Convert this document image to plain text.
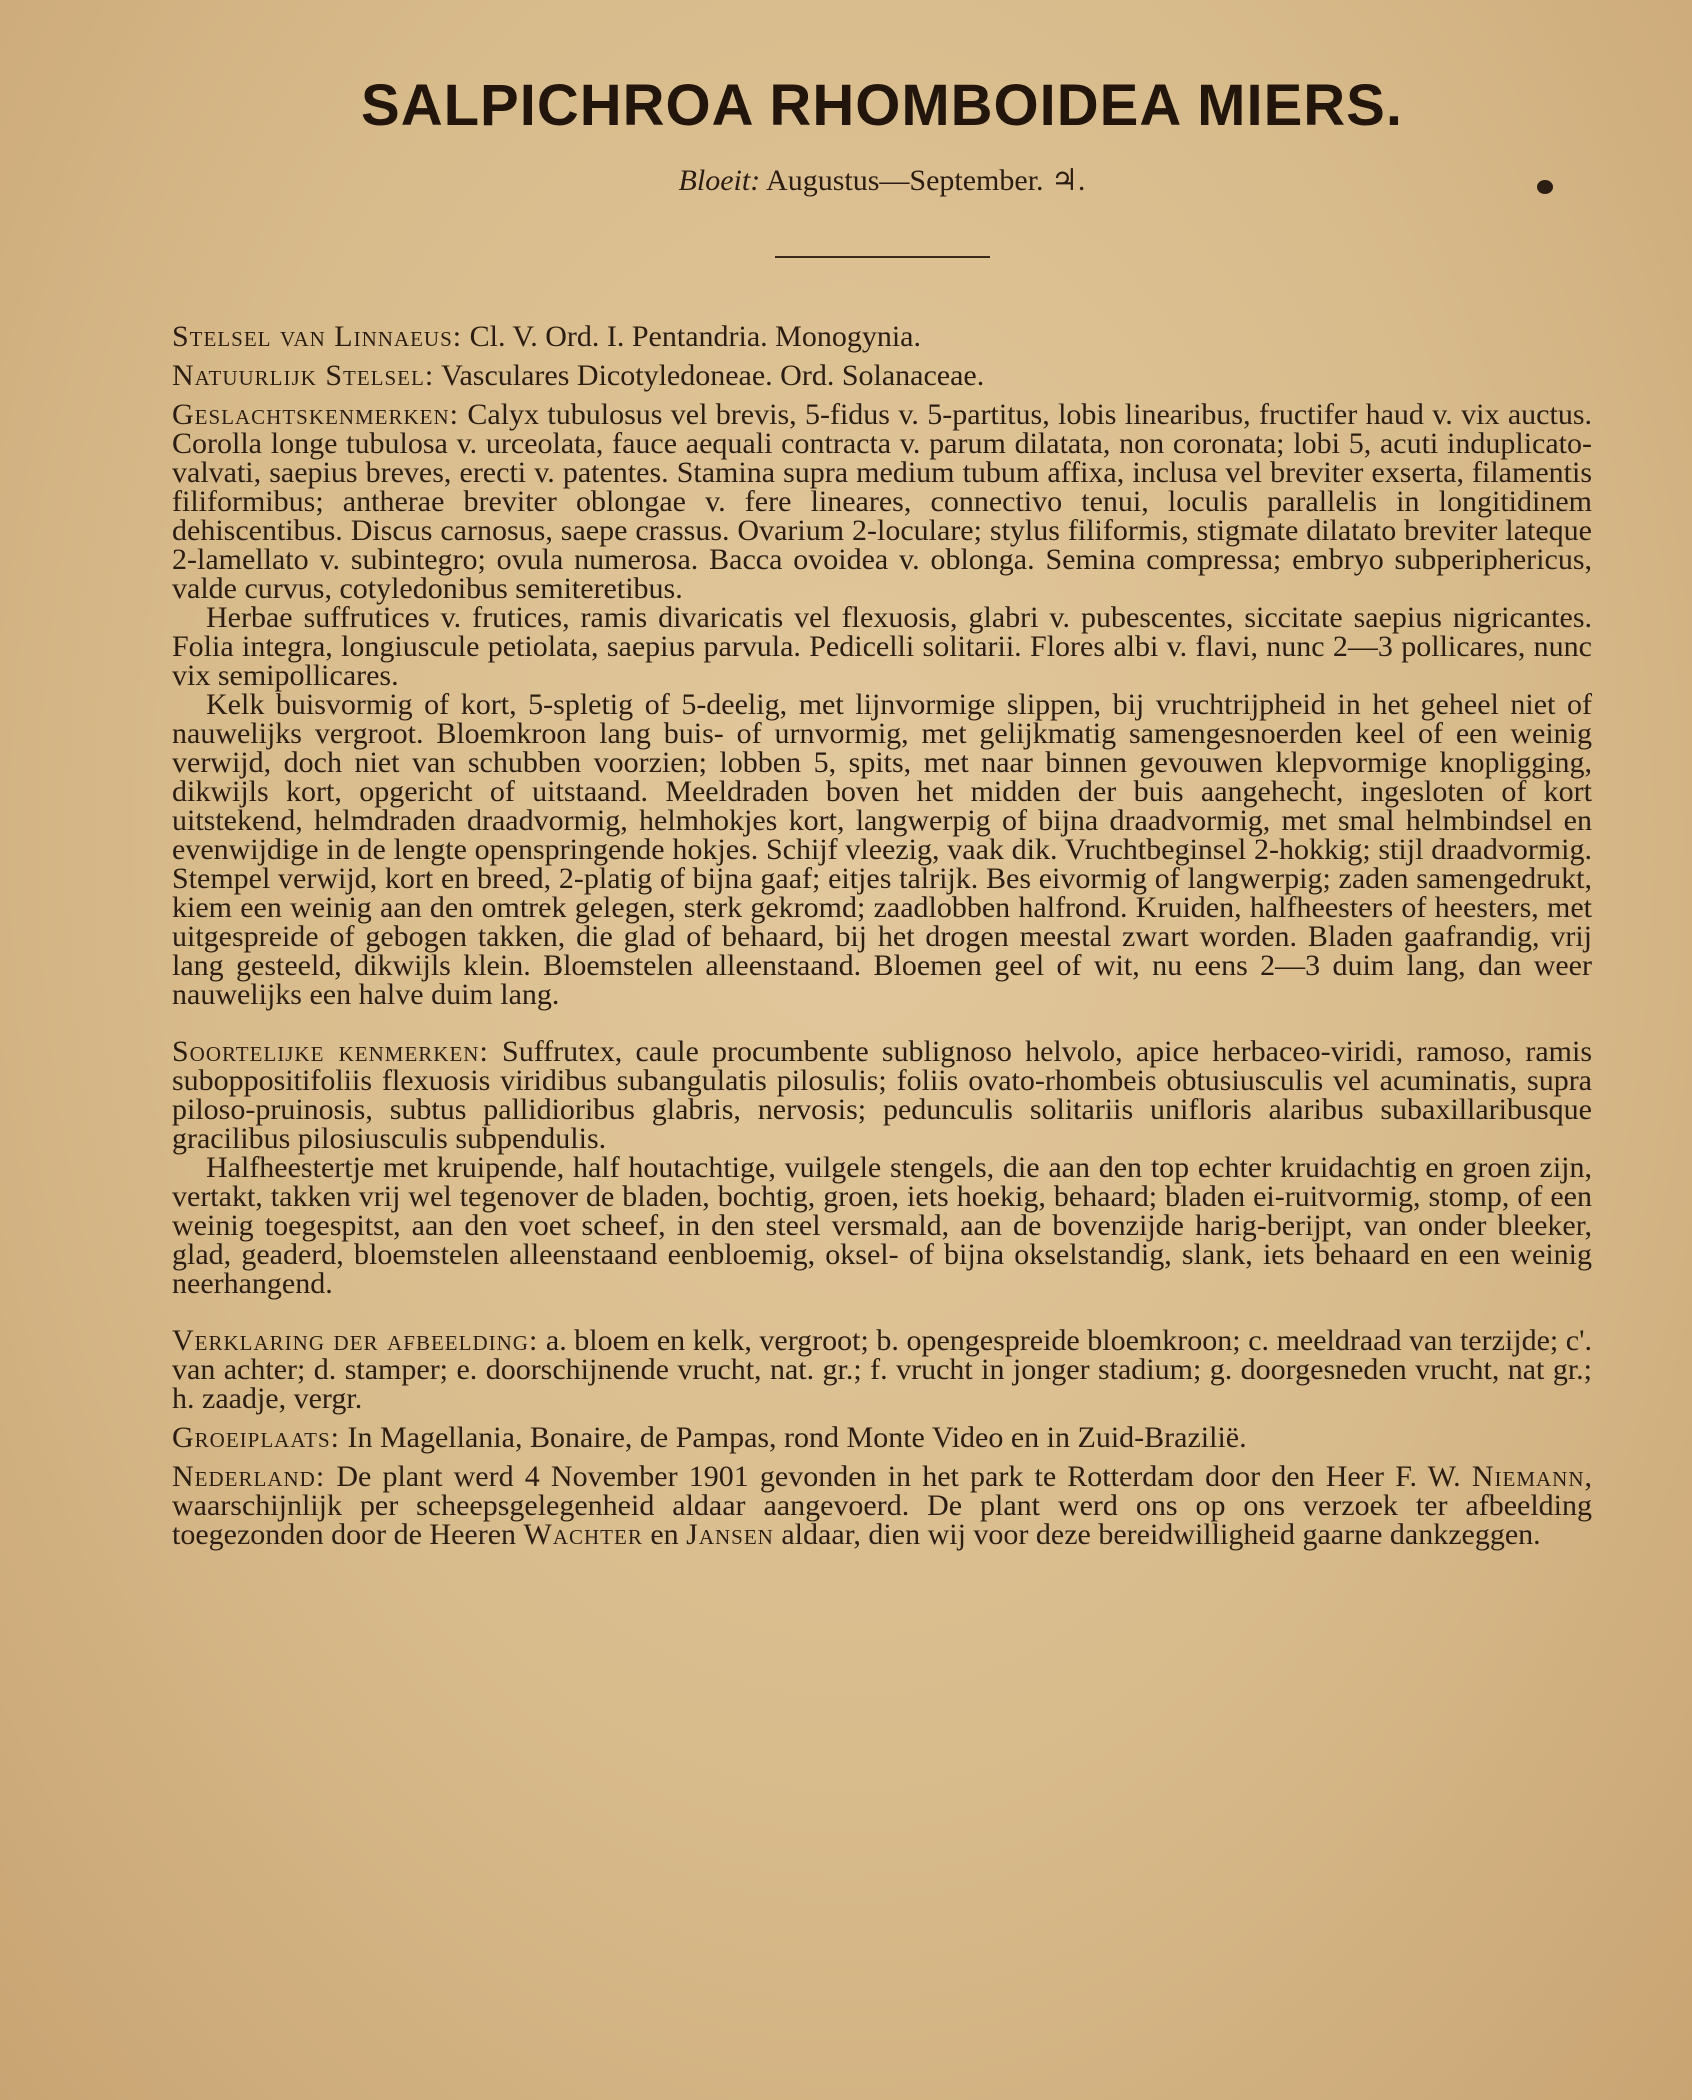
SALPICHROA RHOMBOIDEA MIERS.
Bloeit: Augustus—September. ♃.

Stelsel van Linnaeus: Cl. V. Ord. I. Pentandria. Monogynia.

Natuurlijk Stelsel: Vasculares Dicotyledoneae. Ord. Solanaceae.

Geslachtskenmerken: Calyx tubulosus vel brevis, 5-fidus v. 5-partitus, lobis linearibus, fructifer haud v. vix auctus. Corolla longe tubulosa v. urceolata, fauce aequali contracta v. parum dilatata, non coronata; lobi 5, acuti induplicato-valvati, saepius breves, erecti v. patentes. Stamina supra medium tubum affixa, inclusa vel breviter exserta, filamentis filiformibus; antherae breviter oblongae v. fere lineares, connectivo tenui, loculis parallelis in longitidinem dehiscentibus. Discus carnosus, saepe crassus. Ovarium 2-loculare; stylus filiformis, stigmate dilatato breviter lateque 2-lamellato v. subintegro; ovula numerosa. Bacca ovoidea v. oblonga. Semina compressa; embryo subperiphericus, valde curvus, cotyledonibus semiteretibus.

Herbae suffrutices v. frutices, ramis divaricatis vel flexuosis, glabri v. pubescentes, siccitate saepius nigricantes. Folia integra, longiuscule petiolata, saepius parvula. Pedicelli solitarii. Flores albi v. flavi, nunc 2—3 pollicares, nunc vix semipollicares.

Kelk buisvormig of kort, 5-spletig of 5-deelig, met lijnvormige slippen, bij vruchtrijpheid in het geheel niet of nauwelijks vergroot. Bloemkroon lang buis- of urnvormig, met gelijkmatig samengesnoerden keel of een weinig verwijd, doch niet van schubben voorzien; lobben 5, spits, met naar binnen gevouwen klepvormige knopligging, dikwijls kort, opgericht of uitstaand. Meeldraden boven het midden der buis aangehecht, ingesloten of kort uitstekend, helmdraden draadvormig, helmhokjes kort, langwerpig of bijna draadvormig, met smal helmbindsel en evenwijdige in de lengte openspringende hokjes. Schijf vleezig, vaak dik. Vruchtbeginsel 2-hokkig; stijl draadvormig. Stempel verwijd, kort en breed, 2-platig of bijna gaaf; eitjes talrijk. Bes eivormig of langwerpig; zaden samengedrukt, kiem een weinig aan den omtrek gelegen, sterk gekromd; zaadlobben halfrond. Kruiden, halfheesters of heesters, met uitgespreide of gebogen takken, die glad of behaard, bij het drogen meestal zwart worden. Bladen gaafrandig, vrij lang gesteeld, dikwijls klein. Bloemstelen alleenstaand. Bloemen geel of wit, nu eens 2—3 duim lang, dan weer nauwelijks een halve duim lang.

Soortelijke kenmerken: Suffrutex, caule procumbente sublignoso helvolo, apice herbaceo-viridi, ramoso, ramis suboppositifoliis flexuosis viridibus subangulatis pilosulis; foliis ovato-rhombeis obtusiusculis vel acuminatis, supra piloso-pruinosis, subtus pallidioribus glabris, nervosis; pedunculis solitariis unifloris alaribus subaxillaribusque gracilibus pilosiusculis subpendulis.

Halfheestertje met kruipende, half houtachtige, vuilgele stengels, die aan den top echter kruidachtig en groen zijn, vertakt, takken vrij wel tegenover de bladen, bochtig, groen, iets hoekig, behaard; bladen ei-ruitvormig, stomp, of een weinig toegespitst, aan den voet scheef, in den steel versmald, aan de bovenzijde harig-berijpt, van onder bleeker, glad, geaderd, bloemstelen alleenstaand eenbloemig, oksel- of bijna okselstandig, slank, iets behaard en een weinig neerhangend.

Verklaring der afbeelding: a. bloem en kelk, vergroot; b. opengespreide bloemkroon; c. meeldraad van terzijde; c'. van achter; d. stamper; e. doorschijnende vrucht, nat. gr.; f. vrucht in jonger stadium; g. doorgesneden vrucht, nat gr.; h. zaadje, vergr.

Groeiplaats: In Magellania, Bonaire, de Pampas, rond Monte Video en in Zuid-Brazilië.

Nederland: De plant werd 4 November 1901 gevonden in het park te Rotterdam door den Heer F. W. Niemann, waarschijnlijk per scheepsgelegenheid aldaar aangevoerd. De plant werd ons op ons verzoek ter afbeelding toegezonden door de Heeren Wachter en Jansen aldaar, dien wij voor deze bereidwilligheid gaarne dankzeggen.
